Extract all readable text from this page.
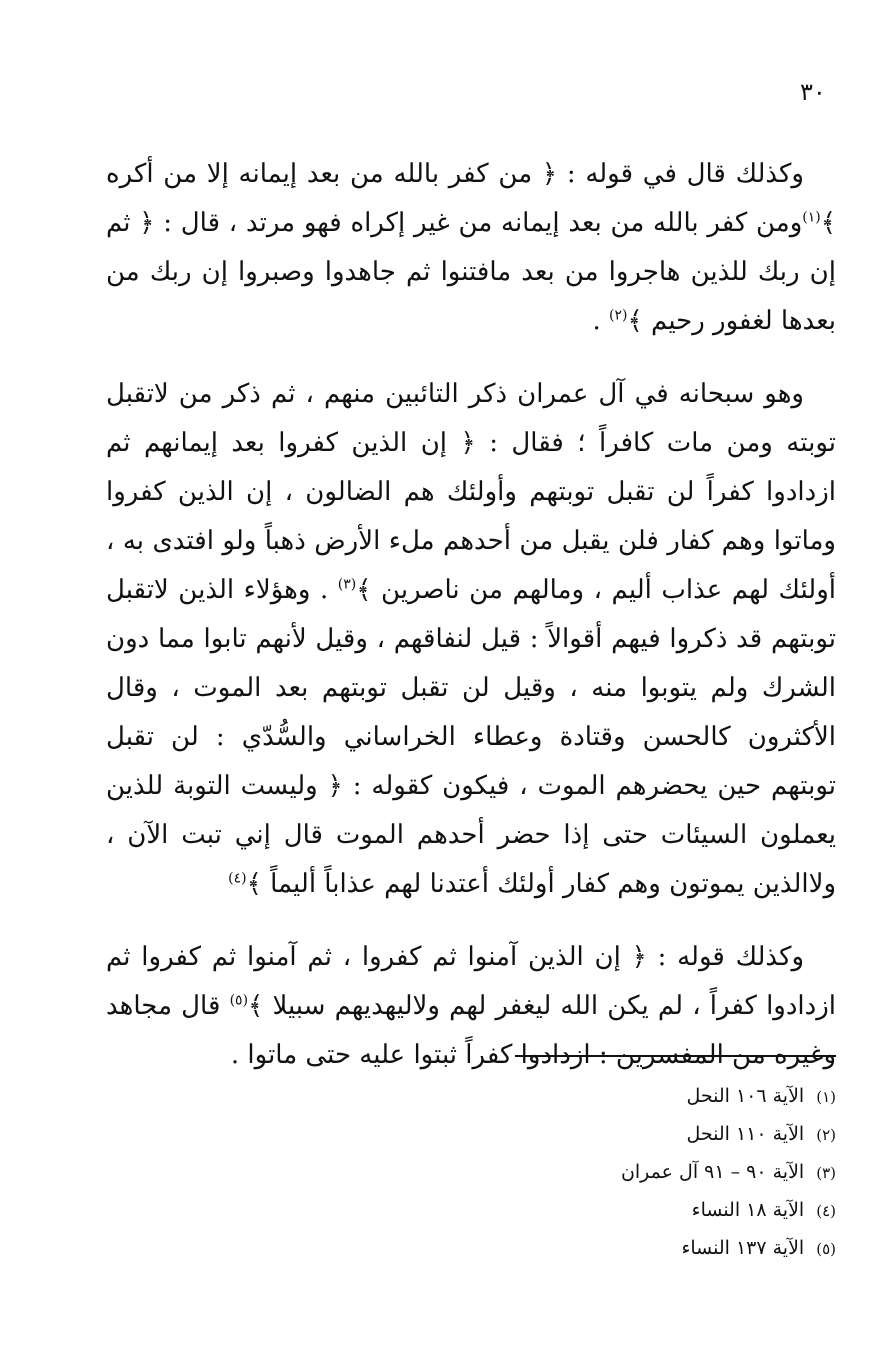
٣٠

وكذلك قال في قوله : ﴿ من كفر بالله من بعد إيمانه إلا من أكره ﴾$^{(١)}$ومن كفر بالله من بعد إيمانه من غير إكراه فهو مرتد ، قال : ﴿ ثم إن ربك للذين هاجروا من بعد مافتنوا ثم جاهدوا وصبروا إن ربك من بعدها لغفور رحيم ﴾$^{(٢)}$ .

وهو سبحانه في آل عمران ذكر التائبين منهم ، ثم ذكر من لاتقبل توبته ومن مات كافراً ؛ فقال : ﴿ إن الذين كفروا بعد إيمانهم ثم ازدادوا كفراً لن تقبل توبتهم وأولئك هم الضالون ، إن الذين كفروا وماتوا وهم كفار فلن يقبل من أحدهم ملء الأرض ذهباً ولو افتدى به ، أولئك لهم عذاب أليم ، ومالهم من ناصرين ﴾$^{(٣)}$ . وهؤلاء الذين لاتقبل توبتهم قد ذكروا فيهم أقوالاً : قيل لنفاقهم ، وقيل لأنهم تابوا مما دون الشرك ولم يتوبوا منه ، وقيل لن تقبل توبتهم بعد الموت ، وقال الأكثرون كالحسن وقتادة وعطاء الخراساني والسُّدّي : لن تقبل توبتهم حين يحضرهم الموت ، فيكون كقوله : ﴿ وليست التوبة للذين يعملون السيئات حتى إذا حضر أحدهم الموت قال إني تبت الآن ، ولاالذين يموتون وهم كفار أولئك أعتدنا لهم عذاباً أليماً ﴾$^{(٤)}$

وكذلك قوله : ﴿ إن الذين آمنوا ثم كفروا ، ثم آمنوا ثم كفروا ثم ازدادوا كفراً ، لم يكن الله ليغفر لهم ولاليهديهم سبيلا ﴾$^{(٥)}$ قال مجاهد وغيره من المفسرين : ازدادوا كفراً ثبتوا عليه حتى ماتوا .

(١)الآية ١٠٦ النحل
(٢)الآية ١١٠ النحل
(٣)الآية ٩٠ – ٩١ آل عمران
(٤)الآية ١٨ النساء
(٥)الآية ١٣٧ النساء
